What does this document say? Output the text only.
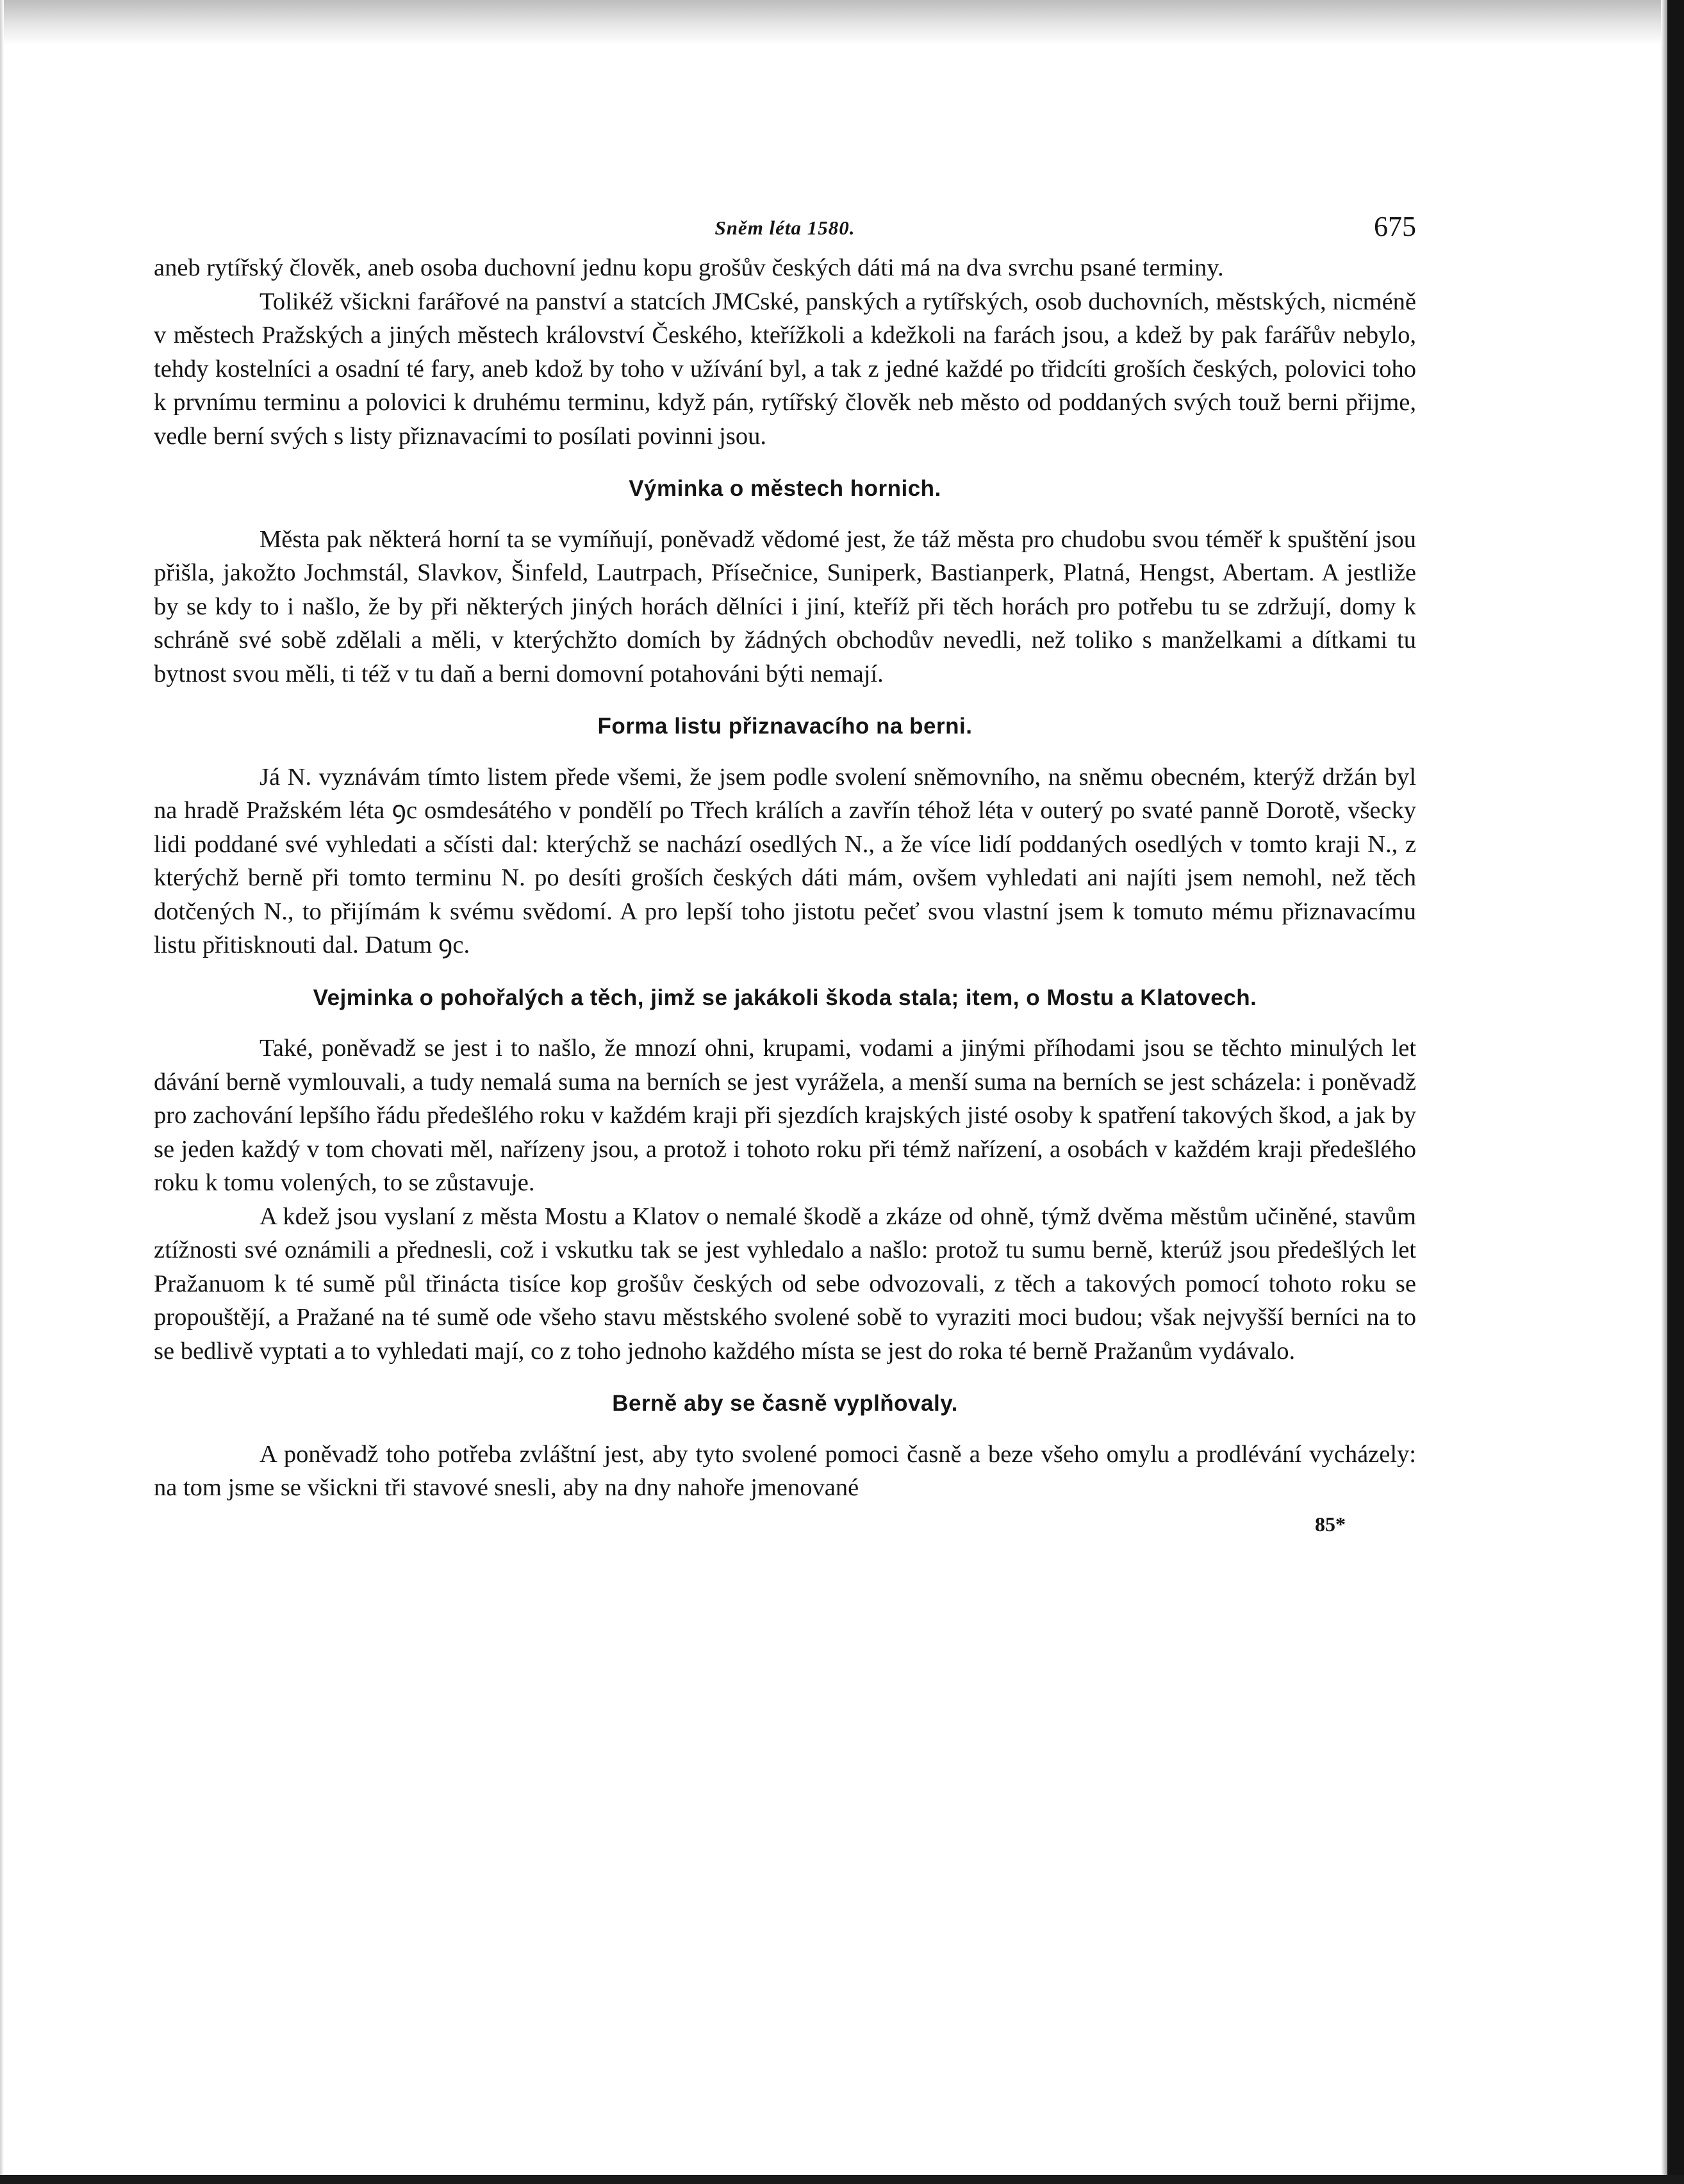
Sněm léta 1580.	675

aneb rytířský člověk, aneb osoba duchovní jednu kopu grošův českých dáti má na dva svrchu psané terminy.

Tolikéž všickni farářové na panství a statcích JMCské, panských a rytířských, osob duchovních, městských, nicméně v městech Pražských a jiných městech království Českého, kteřížkoli a kdežkoli na farách jsou, a kdež by pak farářův nebylo, tehdy kostelníci a osadní té fary, aneb kdož by toho v užívání byl, a tak z jedné každé po třidcíti groších českých, polovici toho k prvnímu terminu a polovici k druhému terminu, když pán, rytířský člověk neb město od poddaných svých touž berni přijme, vedle berní svých s listy přiznavacími to posílati povinni jsou.

Výminka o městech hornich.

Města pak některá horní ta se vymíňují, poněvadž vědomé jest, že táž města pro chudobu svou téměř k spuštění jsou přišla, jakožto Jochmstál, Slavkov, Šinfeld, Lautrpach, Přísečnice, Suniperk, Bastianperk, Platná, Hengst, Abertam. A jestliže by se kdy to i našlo, že by při některých jiných horách dělníci i jiní, kteříž při těch horách pro potřebu tu se zdržují, domy k schráně své sobě zdělali a měli, v kterýchžto domích by žádných obchodův nevedli, než toliko s manželkami a dítkami tu bytnost svou měli, ti též v tu daň a berni domovní potahováni býti nemají.

Forma listu přiznavacího na berni.

Já N. vyznávám tímto listem přede všemi, že jsem podle svolení sněmovního, na sněmu obecném, kterýž držán byl na hradě Pražském léta ꝯc osmdesátého v pondělí po Třech králích a zavřín téhož léta v outerý po svaté panně Dorotě, všecky lidi poddané své vyhledati a sčísti dal: kterýchž se nachází osedlých N., a že více lidí poddaných osedlých v tomto kraji N., z kterýchž berně při tomto terminu N. po desíti groších českých dáti mám, ovšem vyhledati ani najíti jsem nemohl, než těch dotčených N., to přijímám k svému svědomí. A pro lepší toho jistotu pečeť svou vlastní jsem k tomuto mému přiznavacímu listu přitisknouti dal. Datum ꝯc.

Vejminka o pohořalých a těch, jimž se jakákoli škoda stala; item, o Mostu a Klatovech.

Také, poněvadž se jest i to našlo, že mnozí ohni, krupami, vodami a jinými příhodami jsou se těchto minulých let dávání berně vymlouvali, a tudy nemalá suma na berních se jest vyrážela, a menší suma na berních se jest scházela: i poněvadž pro zachování lepšího řádu předešlého roku v každém kraji při sjezdích krajských jisté osoby k spatření takových škod, a jak by se jeden každý v tom chovati měl, nařízeny jsou, a protož i tohoto roku při témž nařízení, a osobách v každém kraji předešlého roku k tomu volených, to se zůstavuje.

A kdež jsou vyslaní z města Mostu a Klatov o nemalé škodě a zkáze od ohně, týmž dvěma městům učiněné, stavům ztížnosti své oznámili a přednesli, což i vskutku tak se jest vyhledalo a našlo: protož tu sumu berně, kterúž jsou předešlých let Pražanuom k té sumě půl třinácta tisíce kop grošův českých od sebe odvozovali, z těch a takových pomocí tohoto roku se propouštějí, a Pražané na té sumě ode všeho stavu městského svolené sobě to vyraziti moci budou; však nejvyšší berníci na to se bedlivě vyptati a to vyhledati mají, co z toho jednoho každého místa se jest do roka té berně Pražanům vydávalo.

Berně aby se časně vyplňovaly.

A poněvadž toho potřeba zvláštní jest, aby tyto svolené pomoci časně a beze všeho omylu a prodlévání vycházely: na tom jsme se všickni tři stavové snesli, aby na dny nahoře jmenované

85*
